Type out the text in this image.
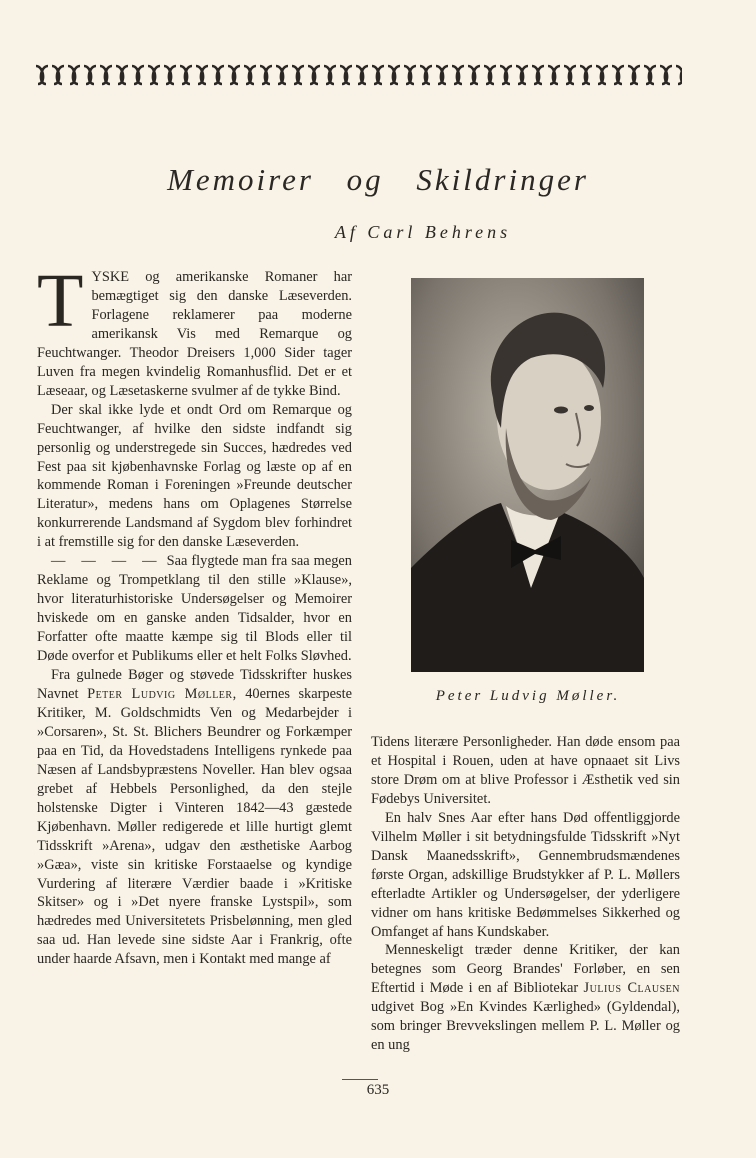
Memoirer og Skildringer
Af Carl Behrens

TYSKE og amerikanske Romaner har bemægtiget sig den danske Læseverden. Forlagene reklamerer paa moderne amerikansk Vis med Remarque og Feuchtwanger. Theodor Dreisers 1,000 Sider tager Luven fra megen kvindelig Romanhusflid. Det er et Læseaar, og Læsetaskerne svulmer af de tykke Bind.

Der skal ikke lyde et ondt Ord om Remarque og Feuchtwanger, af hvilke den sidste indfandt sig personlig og understregede sin Succes, hædredes ved Fest paa sit kjøbenhavnske Forlag og læste op af en kommende Roman i Foreningen »Freunde deutscher Literatur», medens hans om Oplagenes Størrelse konkurrerende Landsmand af Sygdom blev forhindret i at fremstille sig for den danske Læseverden.

— — — — Saa flygtede man fra saa megen Reklame og Trompetklang til den stille »Klause», hvor literaturhistoriske Undersøgelser og Memoirer hviskede om en ganske anden Tidsalder, hvor en Forfatter ofte maatte kæmpe sig til Blods eller til Døde overfor et Publikums eller et helt Folks Sløvhed.

Fra gulnede Bøger og støvede Tidsskrifter huskes Navnet Peter Ludvig Møller, 40ernes skarpeste Kritiker, M. Goldschmidts Ven og Medarbejder i »Corsaren», St. St. Blichers Beundrer og Forkæmper paa en Tid, da Hovedstadens Intelligens rynkede paa Næsen af Landsbypræstens Noveller. Han blev ogsaa grebet af Hebbels Personlighed, da den stejle holstenske Digter i Vinteren 1842—43 gæstede Kjøbenhavn. Møller redigerede et lille hurtigt glemt Tidsskrift »Arena», udgav den æsthetiske Aarbog »Gæa», viste sin kritiske Forstaaelse og kyndige Vurdering af literære Værdier baade i »Kritiske Skitser» og i »Det nyere franske Lystspil», som hædredes med Universitetets Prisbelønning, men gled saa ud. Han levede sine sidste Aar i Frankrig, ofte under haarde Afsavn, men i Kontakt med mange af

Peter Ludvig Møller.

Tidens literære Personligheder. Han døde ensom paa et Hospital i Rouen, uden at have opnaaet sit Livs store Drøm om at blive Professor i Æsthetik ved sin Fødebys Universitet.

En halv Snes Aar efter hans Død offentliggjorde Vilhelm Møller i sit betydningsfulde Tidsskrift »Nyt Dansk Maanedsskrift», Gennembrudsmændenes første Organ, adskillige Brudstykker af P. L. Møllers efterladte Artikler og Undersøgelser, der yderligere vidner om hans kritiske Bedømmelses Sikkerhed og Omfanget af hans Kundskaber.

Menneskeligt træder denne Kritiker, der kan betegnes som Georg Brandes' Forløber, en sen Eftertid i Møde i en af Bibliotekar Julius Clausen udgivet Bog »En Kvindes Kærlighed» (Gyldendal), som bringer Brevvekslingen mellem P. L. Møller og en ung

635
